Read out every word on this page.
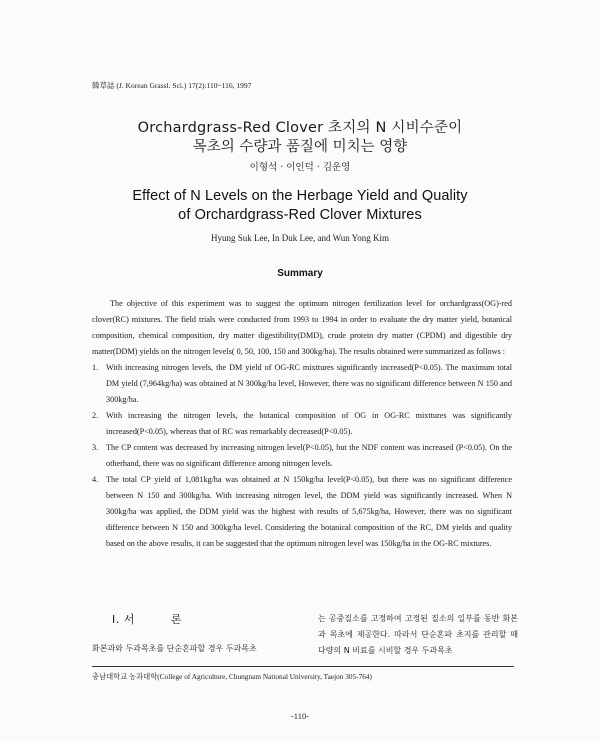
韓草誌 (J. Korean Grassl. Sci.) 17(2):110~116, 1997
Orchardgrass-Red Clover 초지의 N 시비수준이
목초의 수량과 품질에 미치는 영향
이형석 · 이인덕 · 김운영
Effect of N Levels on the Herbage Yield and Quality
of Orchardgrass-Red Clover Mixtures
Hyung Suk Lee, In Duk Lee, and Wun Yong Kim
Summary

The objective of this experiment was to suggest the optimum nitrogen fertilization level for orchardgrass(OG)-red clover(RC) mixtures. The field trials were conducted from 1993 to 1994 in order to evaluate the dry matter yield, botanical composition, chemical composition, dry matter digestibility(DMD), crude protein dry matter (CPDM) and digestible dry matter(DDM) yields on the nitrogen levels( 0, 50, 100, 150 and 300kg/ha). The results obtained were summarized as follows :

1. With increasing nitrogen levels, the DM yield of OG-RC mixttures significantly increased(P<0.05). The maximum total DM yield (7,964kg/ha) was obtained at N 300kg/ha level, However, there was no significant difference between N 150 and 300kg/ha.
2. With increasing the nitrogen levels, the botanical composition of OG in OG-RC mixttures was significantly increased(P<0.05), whereas that of RC was remarkably decreased(P<0.05).
3. The CP content was decreased by increasing nitrogen level(P<0.05), but the NDF content was increased (P<0.05). On the otherhand, there was no significant difference among nitrogen levels.
4. The total CP yield of 1,081kg/ha was obtained at N 150kg/ha level(P<0.05), but there was no significant difference between N 150 and 300kg/ha. With increasing nitrogen level, the DDM yield was significantly increased. When N 300kg/ha was applied, the DDM yield was the highest with results of 5,675kg/ha, However, there was no significant difference between N 150 and 300kg/ha level. Considering the botanical composition of the RC, DM yields and quality based on the above results, it can be suggested that the optimum nitrogen level was 150kg/ha in the OG-RC mixtures.
Ⅰ. 서	론
화본과와 두과목초를 단순혼파할 경우 두과목초
는 공중질소를 고정하여 고정된 질소의 일부를 동반 화본과 목초에 제공한다. 따라서 단순혼파 초지를 관리할 때 다량의 N 비료를 시비할 경우 두과목초
충남대학교 농과대학(College of Agriculture, Chungnam National University, Taejon 305-764)
-110-
